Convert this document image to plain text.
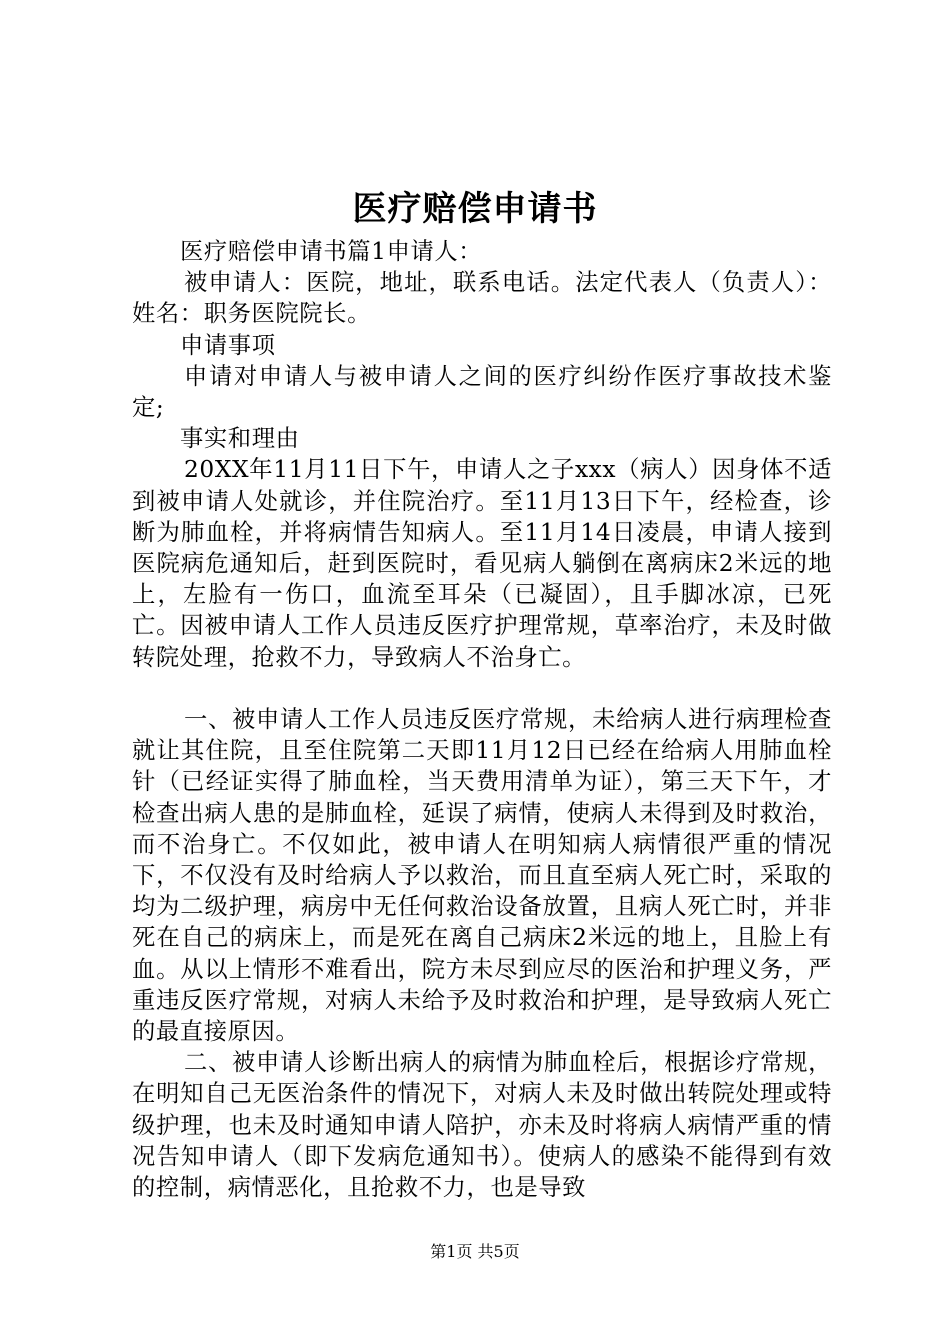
医疗赔偿申请书

医疗赔偿申请书篇1申请人：

被申请人：医院，地址，联系电话。法定代表人（负责人）：姓名：职务医院院长。

申请事项

申请对申请人与被申请人之间的医疗纠纷作医疗事故技术鉴定;

事实和理由

20XX年11月11日下午，申请人之子xxx（病人）因身体不适到被申请人处就诊，并住院治疗。至11月13日下午，经检查，诊断为肺血栓，并将病情告知病人。至11月14日凌晨，申请人接到医院病危通知后，赶到医院时，看见病人躺倒在离病床2米远的地上，左脸有一伤口，血流至耳朵（已凝固），且手脚冰凉，已死亡。因被申请人工作人员违反医疗护理常规，草率治疗，未及时做转院处理，抢救不力，导致病人不治身亡。

一、被申请人工作人员违反医疗常规，未给病人进行病理检查就让其住院，且至住院第二天即11月12日已经在给病人用肺血栓针（已经证实得了肺血栓，当天费用清单为证），第三天下午，才检查出病人患的是肺血栓，延误了病情，使病人未得到及时救治，而不治身亡。不仅如此，被申请人在明知病人病情很严重的情况下，不仅没有及时给病人予以救治，而且直至病人死亡时，采取的均为二级护理，病房中无任何救治设备放置，且病人死亡时，并非死在自己的病床上，而是死在离自己病床2米远的地上，且脸上有血。从以上情形不难看出，院方未尽到应尽的医治和护理义务，严重违反医疗常规，对病人未给予及时救治和护理，是导致病人死亡的最直接原因。

二、被申请人诊断出病人的病情为肺血栓后，根据诊疗常规，在明知自己无医治条件的情况下，对病人未及时做出转院处理或特级护理，也未及时通知申请人陪护，亦未及时将病人病情严重的情况告知申请人（即下发病危通知书）。使病人的感染不能得到有效的控制，病情恶化，且抢救不力，也是导致

第1页 共5页
